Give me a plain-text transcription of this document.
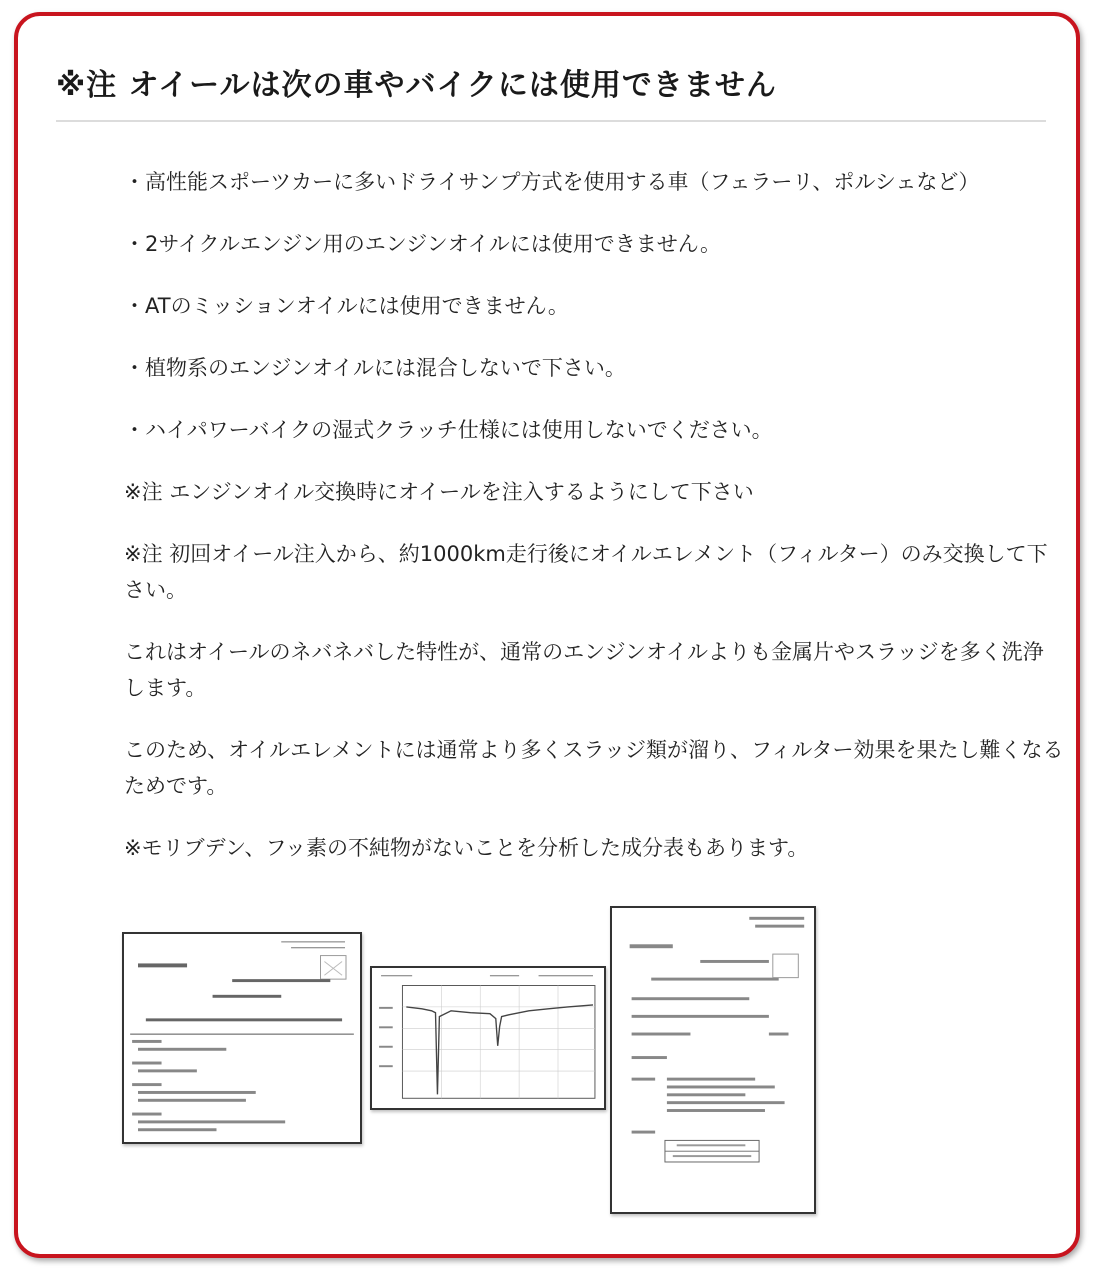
※注 オイールは次の車やバイクには使用できません

・高性能スポーツカーに多いドライサンプ方式を使用する車（フェラーリ、ポルシェなど）

・2サイクルエンジン用のエンジンオイルには使用できません。

・ATのミッションオイルには使用できません。

・植物系のエンジンオイルには混合しないで下さい。

・ハイパワーバイクの湿式クラッチ仕様には使用しないでください。

※注 エンジンオイル交換時にオイールを注入するようにして下さい

※注 初回オイール注入から、約1000km走行後にオイルエレメント（フィルター）のみ交換して下さい。

これはオイールのネバネバした特性が、通常のエンジンオイルよりも金属片やスラッジを多く洗浄します。

このため、オイルエレメントには通常より多くスラッジ類が溜り、フィルター効果を果たし難くなるためです。

※モリブデン、フッ素の不純物がないことを分析した成分表もあります。
